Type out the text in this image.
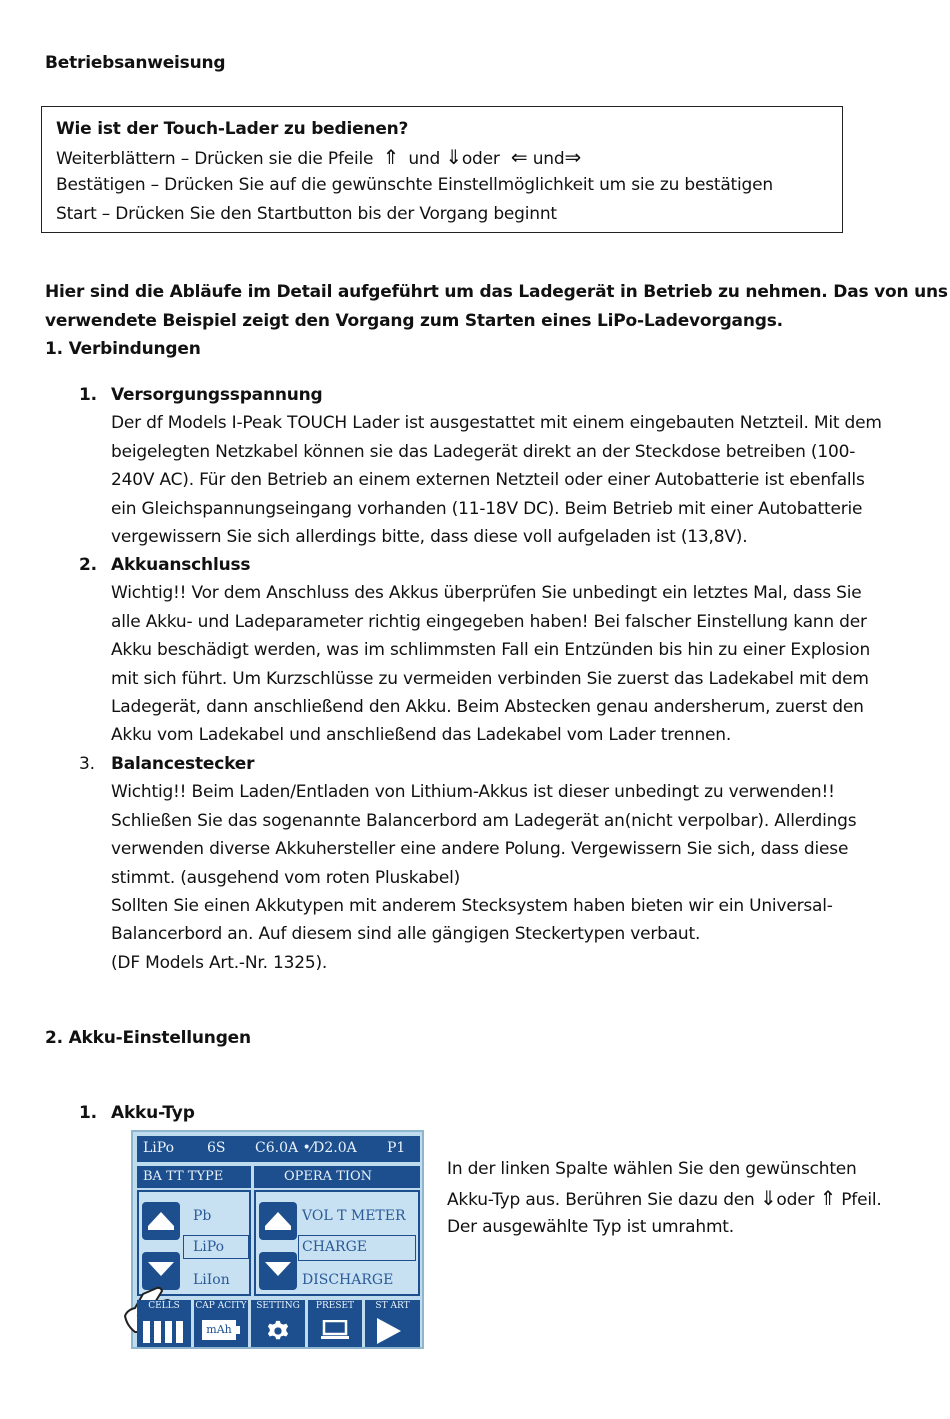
Betriebsanweisung
Wie ist der Touch-Lader zu bedienen?
Weiterblättern – Drücken sie die Pfeile ⇑ und ⇓oder ⇐ und⇒
Bestätigen – Drücken Sie auf die gewünschte Einstellmöglichkeit um sie zu bestätigen
Start – Drücken Sie den Startbutton bis der Vorgang beginnt
Hier sind die Abläufe im Detail aufgeführt um das Ladegerät in Betrieb zu nehmen. Das von uns
verwendete Beispiel zeigt den Vorgang zum Starten eines LiPo-Ladevorgangs.
1. Verbindungen
1. Versorgungsspannung

Der df Models I-Peak TOUCH Lader ist ausgestattet mit einem eingebauten Netzteil. Mit dem

beigelegten Netzkabel können sie das Ladegerät direkt an der Steckdose betreiben (100-

240V AC). Für den Betrieb an einem externen Netzteil oder einer Autobatterie ist ebenfalls

ein Gleichspannungseingang vorhanden (11-18V DC). Beim Betrieb mit einer Autobatterie

vergewissern Sie sich allerdings bitte, dass diese voll aufgeladen ist (13,8V).

2. Akkuanschluss

Wichtig!! Vor dem Anschluss des Akkus überprüfen Sie unbedingt ein letztes Mal, dass Sie

alle Akku- und Ladeparameter richtig eingegeben haben! Bei falscher Einstellung kann der

Akku beschädigt werden, was im schlimmsten Fall ein Entzünden bis hin zu einer Explosion

mit sich führt. Um Kurzschlüsse zu vermeiden verbinden Sie zuerst das Ladekabel mit dem

Ladegerät, dann anschließend den Akku. Beim Abstecken genau andersherum, zuerst den

Akku vom Ladekabel und anschließend das Ladekabel vom Lader trennen.

3. Balancestecker

Wichtig!! Beim Laden/Entladen von Lithium-Akkus ist dieser unbedingt zu verwenden!!

Schließen Sie das sogenannte Balancerbord am Ladegerät an(nicht verpolbar). Allerdings

verwenden diverse Akkuhersteller eine andere Polung. Vergewissern Sie sich, dass diese

stimmt. (ausgehend vom roten Pluskabel)

Sollten Sie einen Akkutypen mit anderem Stecksystem haben bieten wir ein Universal-

Balancerbord an. Auf diesem sind alle gängigen Steckertypen verbaut.

(DF Models Art.-Nr. 1325).

2. Akku-Einstellungen
1. Akku-Typ
LiPo 6S C6.0A •⁄D2.0A P1
BA TT TYPE	OPERA TION
Pb
LiPo
LiIon
VOL T METER
CHARGE
DISCHARGE
CELLS	CAP ACITY
mAh
SETTING	PRESET	ST ART
In der linken Spalte wählen Sie den gewünschten
Akku-Typ aus. Berühren Sie dazu den ⇓oder ⇑ Pfeil.
Der ausgewählte Typ ist umrahmt.
